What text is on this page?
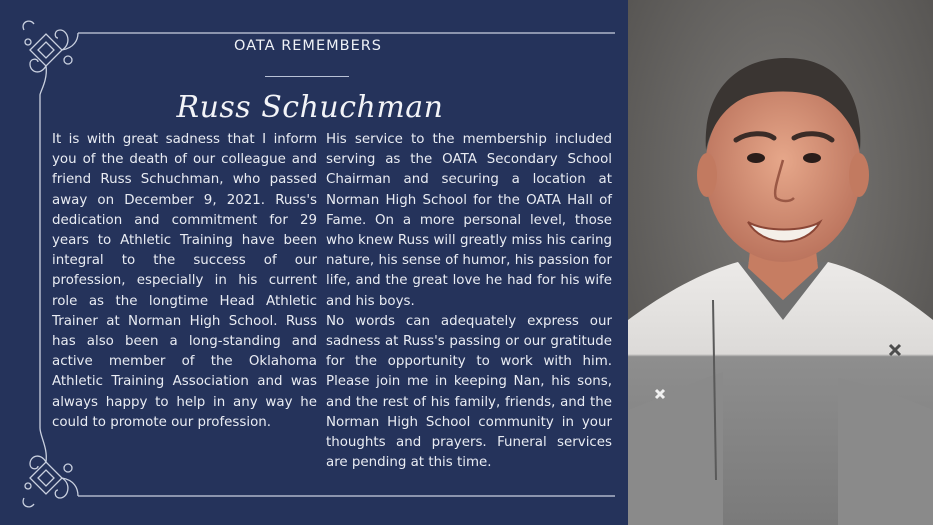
OATA REMEMBERS
Russ Schuchman

It is with great sadness that I inform you of the death of our colleague and friend Russ Schuchman, who passed away on December 9, 2021. Russ's dedication and commitment for 29 years to Athletic Training have been integral to the success of our profession, especially in his current role as the longtime Head Athletic Trainer at Norman High School. Russ has also been a long-standing and active member of the Oklahoma Athletic Training Association and was always happy to help in any way he could to promote our profession.

His service to the membership included serving as the OATA Secondary School Chairman and securing a location at Norman High School for the OATA Hall of Fame. On a more personal level, those who knew Russ will greatly miss his caring nature, his sense of humor, his passion for life, and the great love he had for his wife and his boys.

No words can adequately express our sadness at Russ's passing or our gratitude for the opportunity to work with him. Please join me in keeping Nan, his sons, and the rest of his family, friends, and the Norman High School community in your thoughts and prayers. Funeral services are pending at this time.
